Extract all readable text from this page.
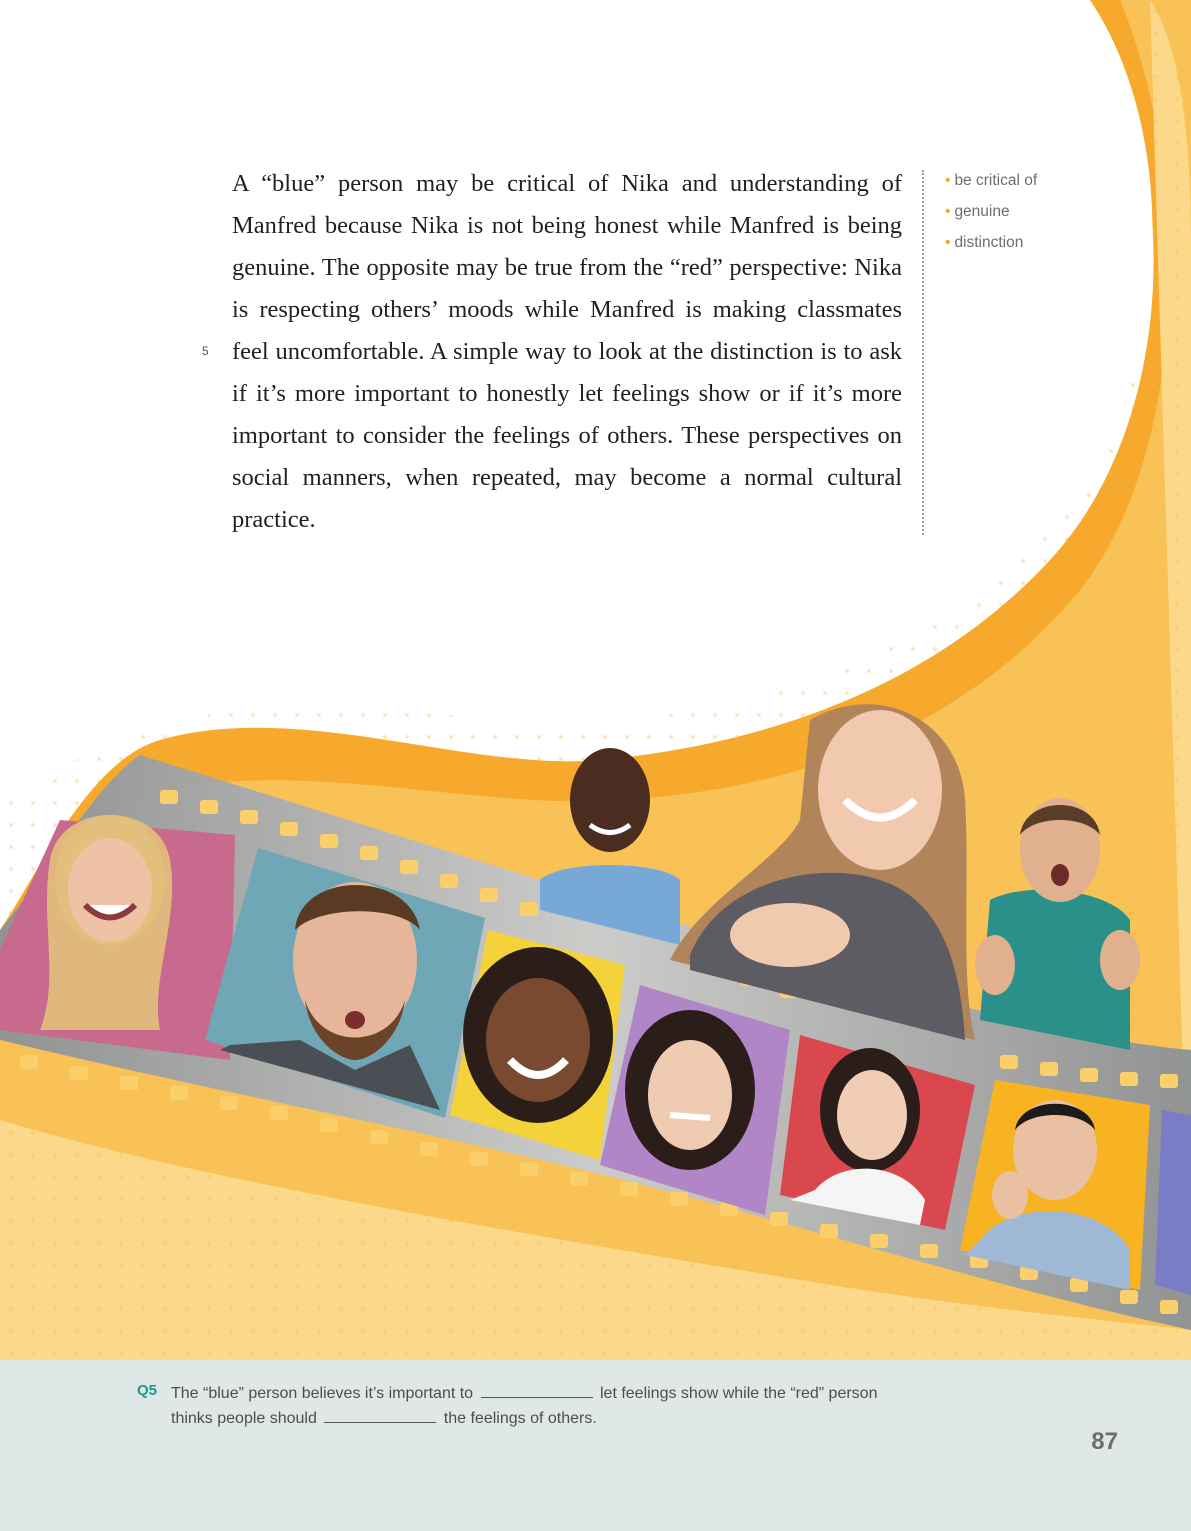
A “blue” person may be critical of Nika and understanding of Manfred because Nika is not being honest while Manfred is being genuine. The opposite may be true from the “red” perspective: Nika is respecting others’ moods while Manfred is making classmates feel uncomfortable. A simple way to look at the distinction is to ask if it’s more important to honestly let feelings show or if it’s more important to consider the feelings of others. These perspectives on social manners, when repeated, may become a normal cultural practice.

5
• be critical of
• genuine
• distinction
Q5 The “blue” person believes it’s important to	let feelings show while the “red” person thinks people should	the feelings of others.
87
